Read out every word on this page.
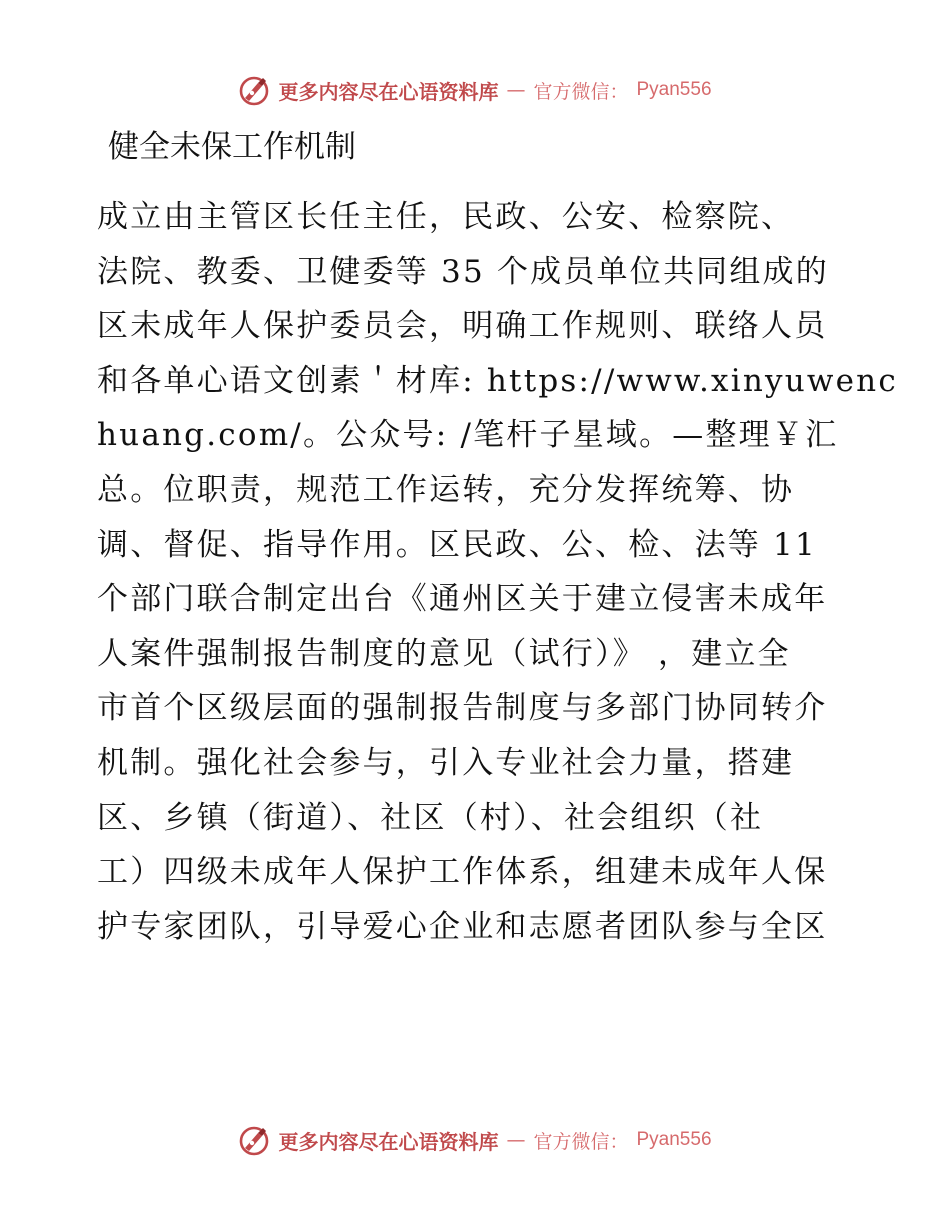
更多内容尽在心语资料库 — 官方微信： Pyan556
健全未保工作机制
成立由主管区长任主任，民政、公安、检察院、
法院、教委、卫健委等 35 个成员单位共同组成的
区未成年人保护委员会，明确工作规则、联络人员
和各单心语文创素＇材库: https://www.xinyuwenc
huang.com/。公众号: /笔杆子星域。—整理￥汇
总。位职责，规范工作运转，充分发挥统筹、协
调、督促、指导作用。区民政、公、检、法等 11
个部门联合制定出台《通州区关于建立侵害未成年
人案件强制报告制度的意见（试行）》 ，建立全
市首个区级层面的强制报告制度与多部门协同转介
机制。强化社会参与，引入专业社会力量，搭建
区、乡镇（街道）、社区（村）、社会组织（社
工）四级未成年人保护工作体系，组建未成年人保
护专家团队，引导爱心企业和志愿者团队参与全区
更多内容尽在心语资料库 — 官方微信： Pyan556
